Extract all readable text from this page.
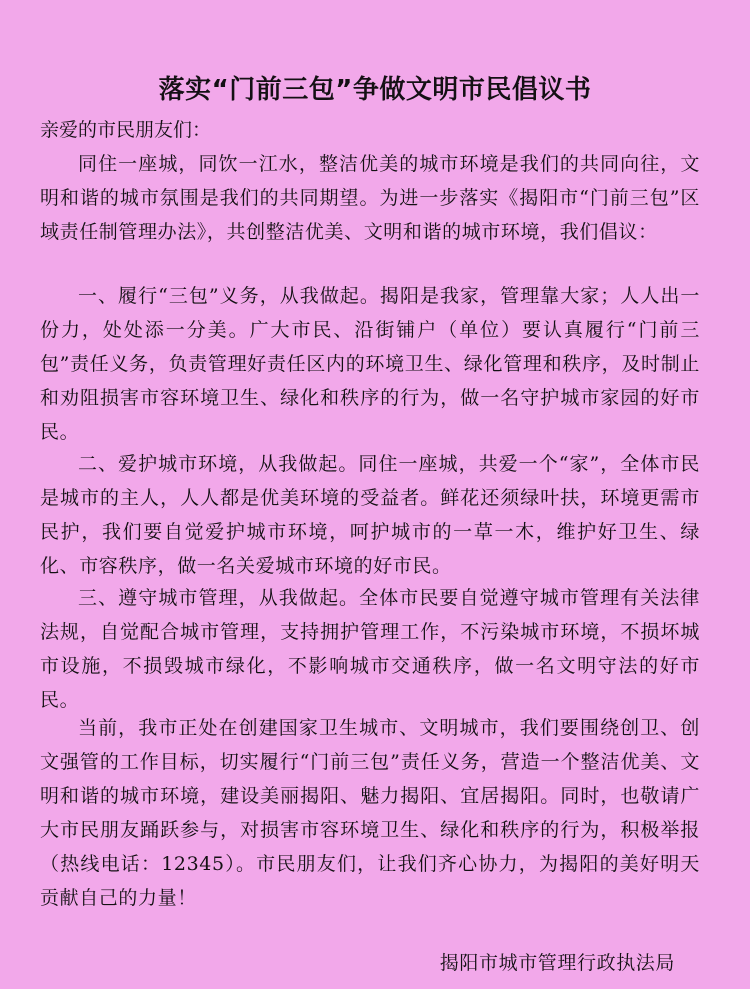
落实“门前三包”争做文明市民倡议书
亲爱的市民朋友们：

同住一座城，同饮一江水，整洁优美的城市环境是我们的共同向往，文明和谐的城市氛围是我们的共同期望。为进一步落实《揭阳市“门前三包”区域责任制管理办法》，共创整洁优美、文明和谐的城市环境，我们倡议：

一、履行“三包”义务，从我做起。揭阳是我家，管理靠大家；人人出一份力，处处添一分美。广大市民、沿街铺户（单位）要认真履行“门前三包”责任义务，负责管理好责任区内的环境卫生、绿化管理和秩序，及时制止和劝阻损害市容环境卫生、绿化和秩序的行为，做一名守护城市家园的好市民。

二、爱护城市环境，从我做起。同住一座城，共爱一个“家”，全体市民是城市的主人，人人都是优美环境的受益者。鲜花还须绿叶扶，环境更需市民护，我们要自觉爱护城市环境，呵护城市的一草一木，维护好卫生、绿化、市容秩序，做一名关爱城市环境的好市民。

三、遵守城市管理，从我做起。全体市民要自觉遵守城市管理有关法律法规，自觉配合城市管理，支持拥护管理工作，不污染城市环境，不损坏城市设施，不损毁城市绿化，不影响城市交通秩序，做一名文明守法的好市民。

当前，我市正处在创建国家卫生城市、文明城市，我们要围绕创卫、创文强管的工作目标，切实履行“门前三包”责任义务，营造一个整洁优美、文明和谐的城市环境，建设美丽揭阳、魅力揭阳、宜居揭阳。同时，也敬请广大市民朋友踊跃参与，对损害市容环境卫生、绿化和秩序的行为，积极举报（热线电话：12345）。市民朋友们，让我们齐心协力，为揭阳的美好明天贡献自己的力量！

揭阳市城市管理行政执法局
